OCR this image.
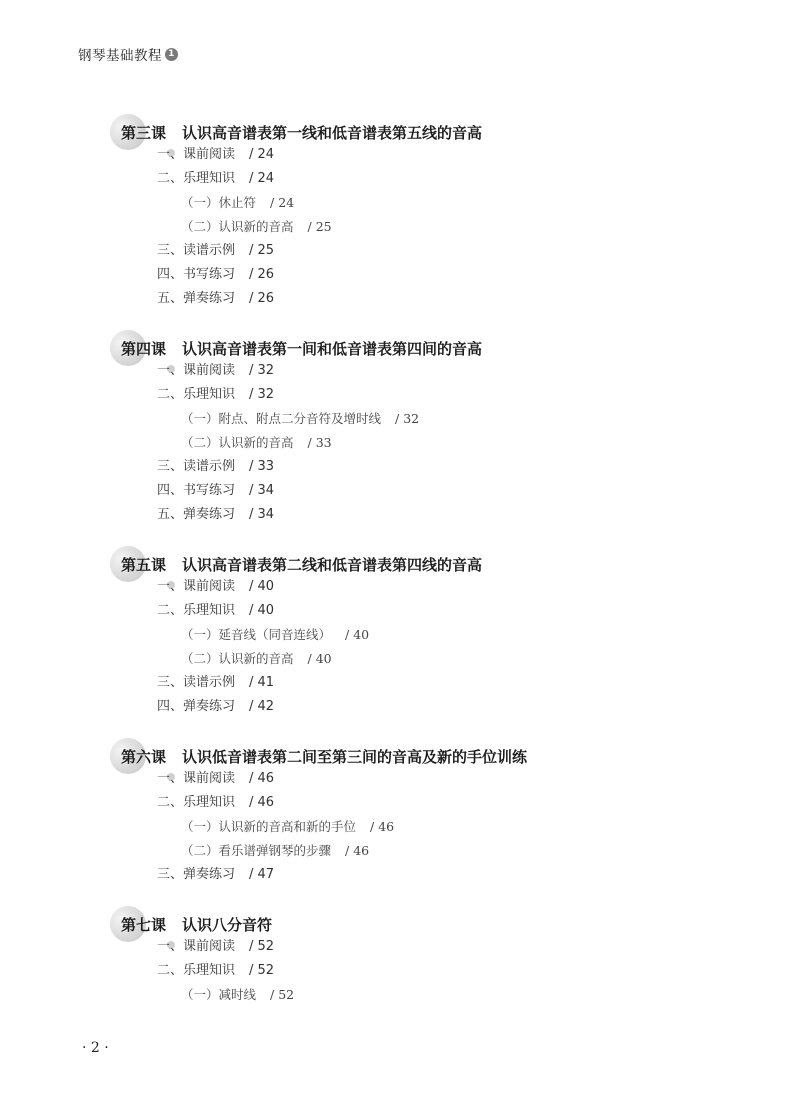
钢琴基础教程 1
第三课 认识高音谱表第一线和低音谱表第五线的音高
一、课前阅读 / 24
二、乐理知识 / 24
（一）休止符 / 24
（二）认识新的音高 / 25
三、读谱示例 / 25
四、书写练习 / 26
五、弹奏练习 / 26
第四课 认识高音谱表第一间和低音谱表第四间的音高
一、课前阅读 / 32
二、乐理知识 / 32
（一）附点、附点二分音符及增时线 / 32
（二）认识新的音高 / 33
三、读谱示例 / 33
四、书写练习 / 34
五、弹奏练习 / 34
第五课 认识高音谱表第二线和低音谱表第四线的音高
一、课前阅读 / 40
二、乐理知识 / 40
（一）延音线（同音连线） / 40
（二）认识新的音高 / 40
三、读谱示例 / 41
四、弹奏练习 / 42
第六课 认识低音谱表第二间至第三间的音高及新的手位训练
一、课前阅读 / 46
二、乐理知识 / 46
（一）认识新的音高和新的手位 / 46
（二）看乐谱弹钢琴的步骤 / 46
三、弹奏练习 / 47
第七课 认识八分音符
一、课前阅读 / 52
二、乐理知识 / 52
（一）减时线 / 52
· 2 ·
